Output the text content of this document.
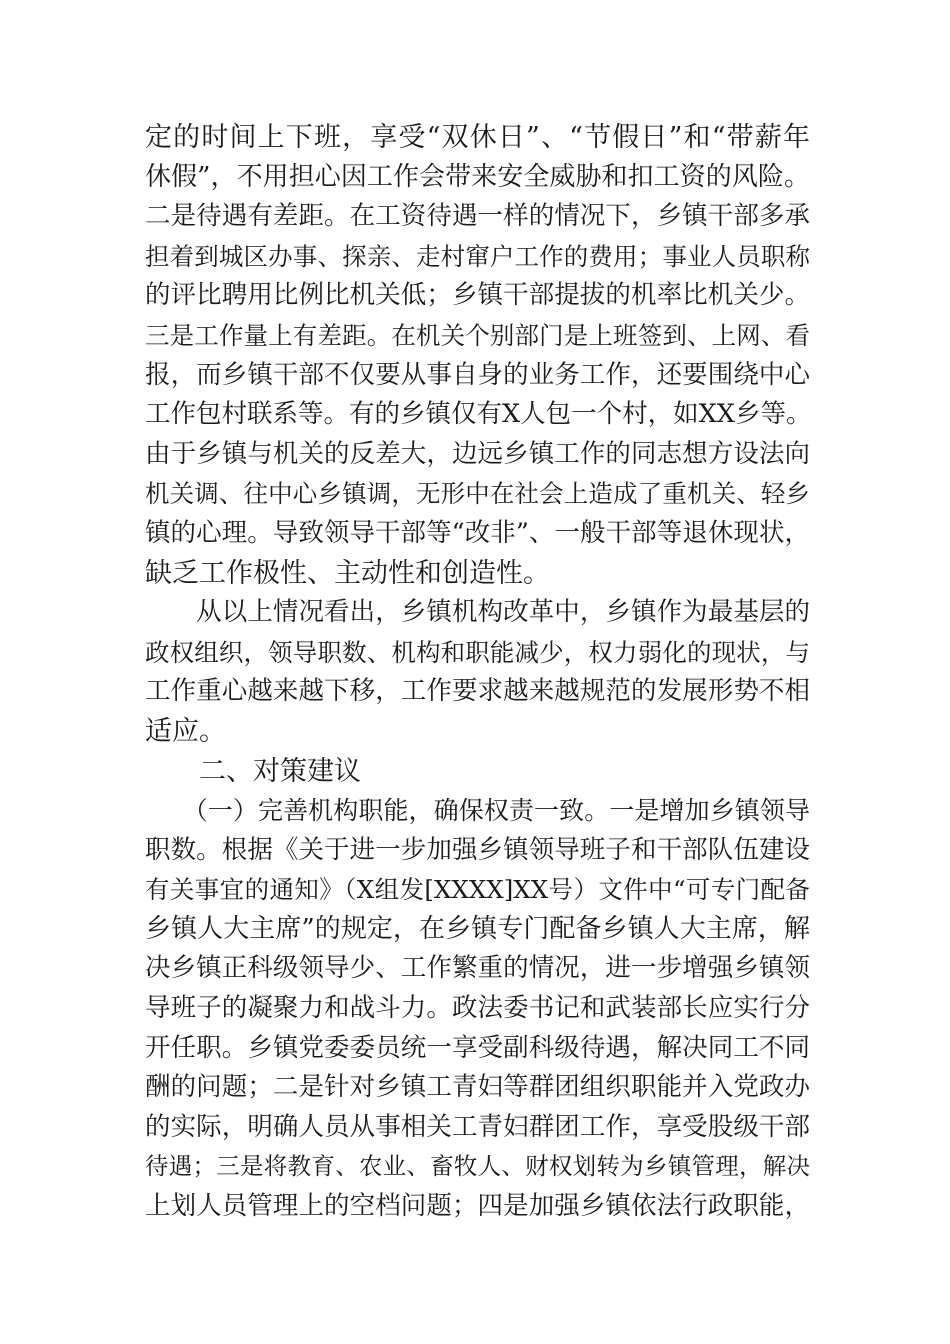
定的时间上下班，享受“双休日”、“节假日”和“带薪年
休假”，不用担心因工作会带来安全威胁和扣工资的风险。
二是待遇有差距。在工资待遇一样的情况下，乡镇干部多承
担着到城区办事、探亲、走村窜户工作的费用；事业人员职称
的评比聘用比例比机关低；乡镇干部提拔的机率比机关少。
三是工作量上有差距。在机关个别部门是上班签到、上网、看
报，而乡镇干部不仅要从事自身的业务工作，还要围绕中心
工作包村联系等。有的乡镇仅有X人包一个村，如XX乡等。
由于乡镇与机关的反差大，边远乡镇工作的同志想方设法向
机关调、往中心乡镇调，无形中在社会上造成了重机关、轻乡
镇的心理。导致领导干部等“改非”、一般干部等退休现状，
缺乏工作极性、主动性和创造性。
　　从以上情况看出，乡镇机构改革中，乡镇作为最基层的
政权组织，领导职数、机构和职能减少，权力弱化的现状，与
工作重心越来越下移，工作要求越来越规范的发展形势不相
适应。
　　二、对策建议
　　（一）完善机构职能，确保权责一致。一是增加乡镇领导
职数。根据《关于进一步加强乡镇领导班子和干部队伍建设
有关事宜的通知》（X组发[XXXX]XX号）文件中“可专门配备
乡镇人大主席”的规定，在乡镇专门配备乡镇人大主席，解
决乡镇正科级领导少、工作繁重的情况，进一步增强乡镇领
导班子的凝聚力和战斗力。政法委书记和武装部长应实行分
开任职。乡镇党委委员统一享受副科级待遇，解决同工不同
酬的问题；二是针对乡镇工青妇等群团组织职能并入党政办
的实际，明确人员从事相关工青妇群团工作，享受股级干部
待遇；三是将教育、农业、畜牧人、财权划转为乡镇管理，解决
上划人员管理上的空档问题；四是加强乡镇依法行政职能，
